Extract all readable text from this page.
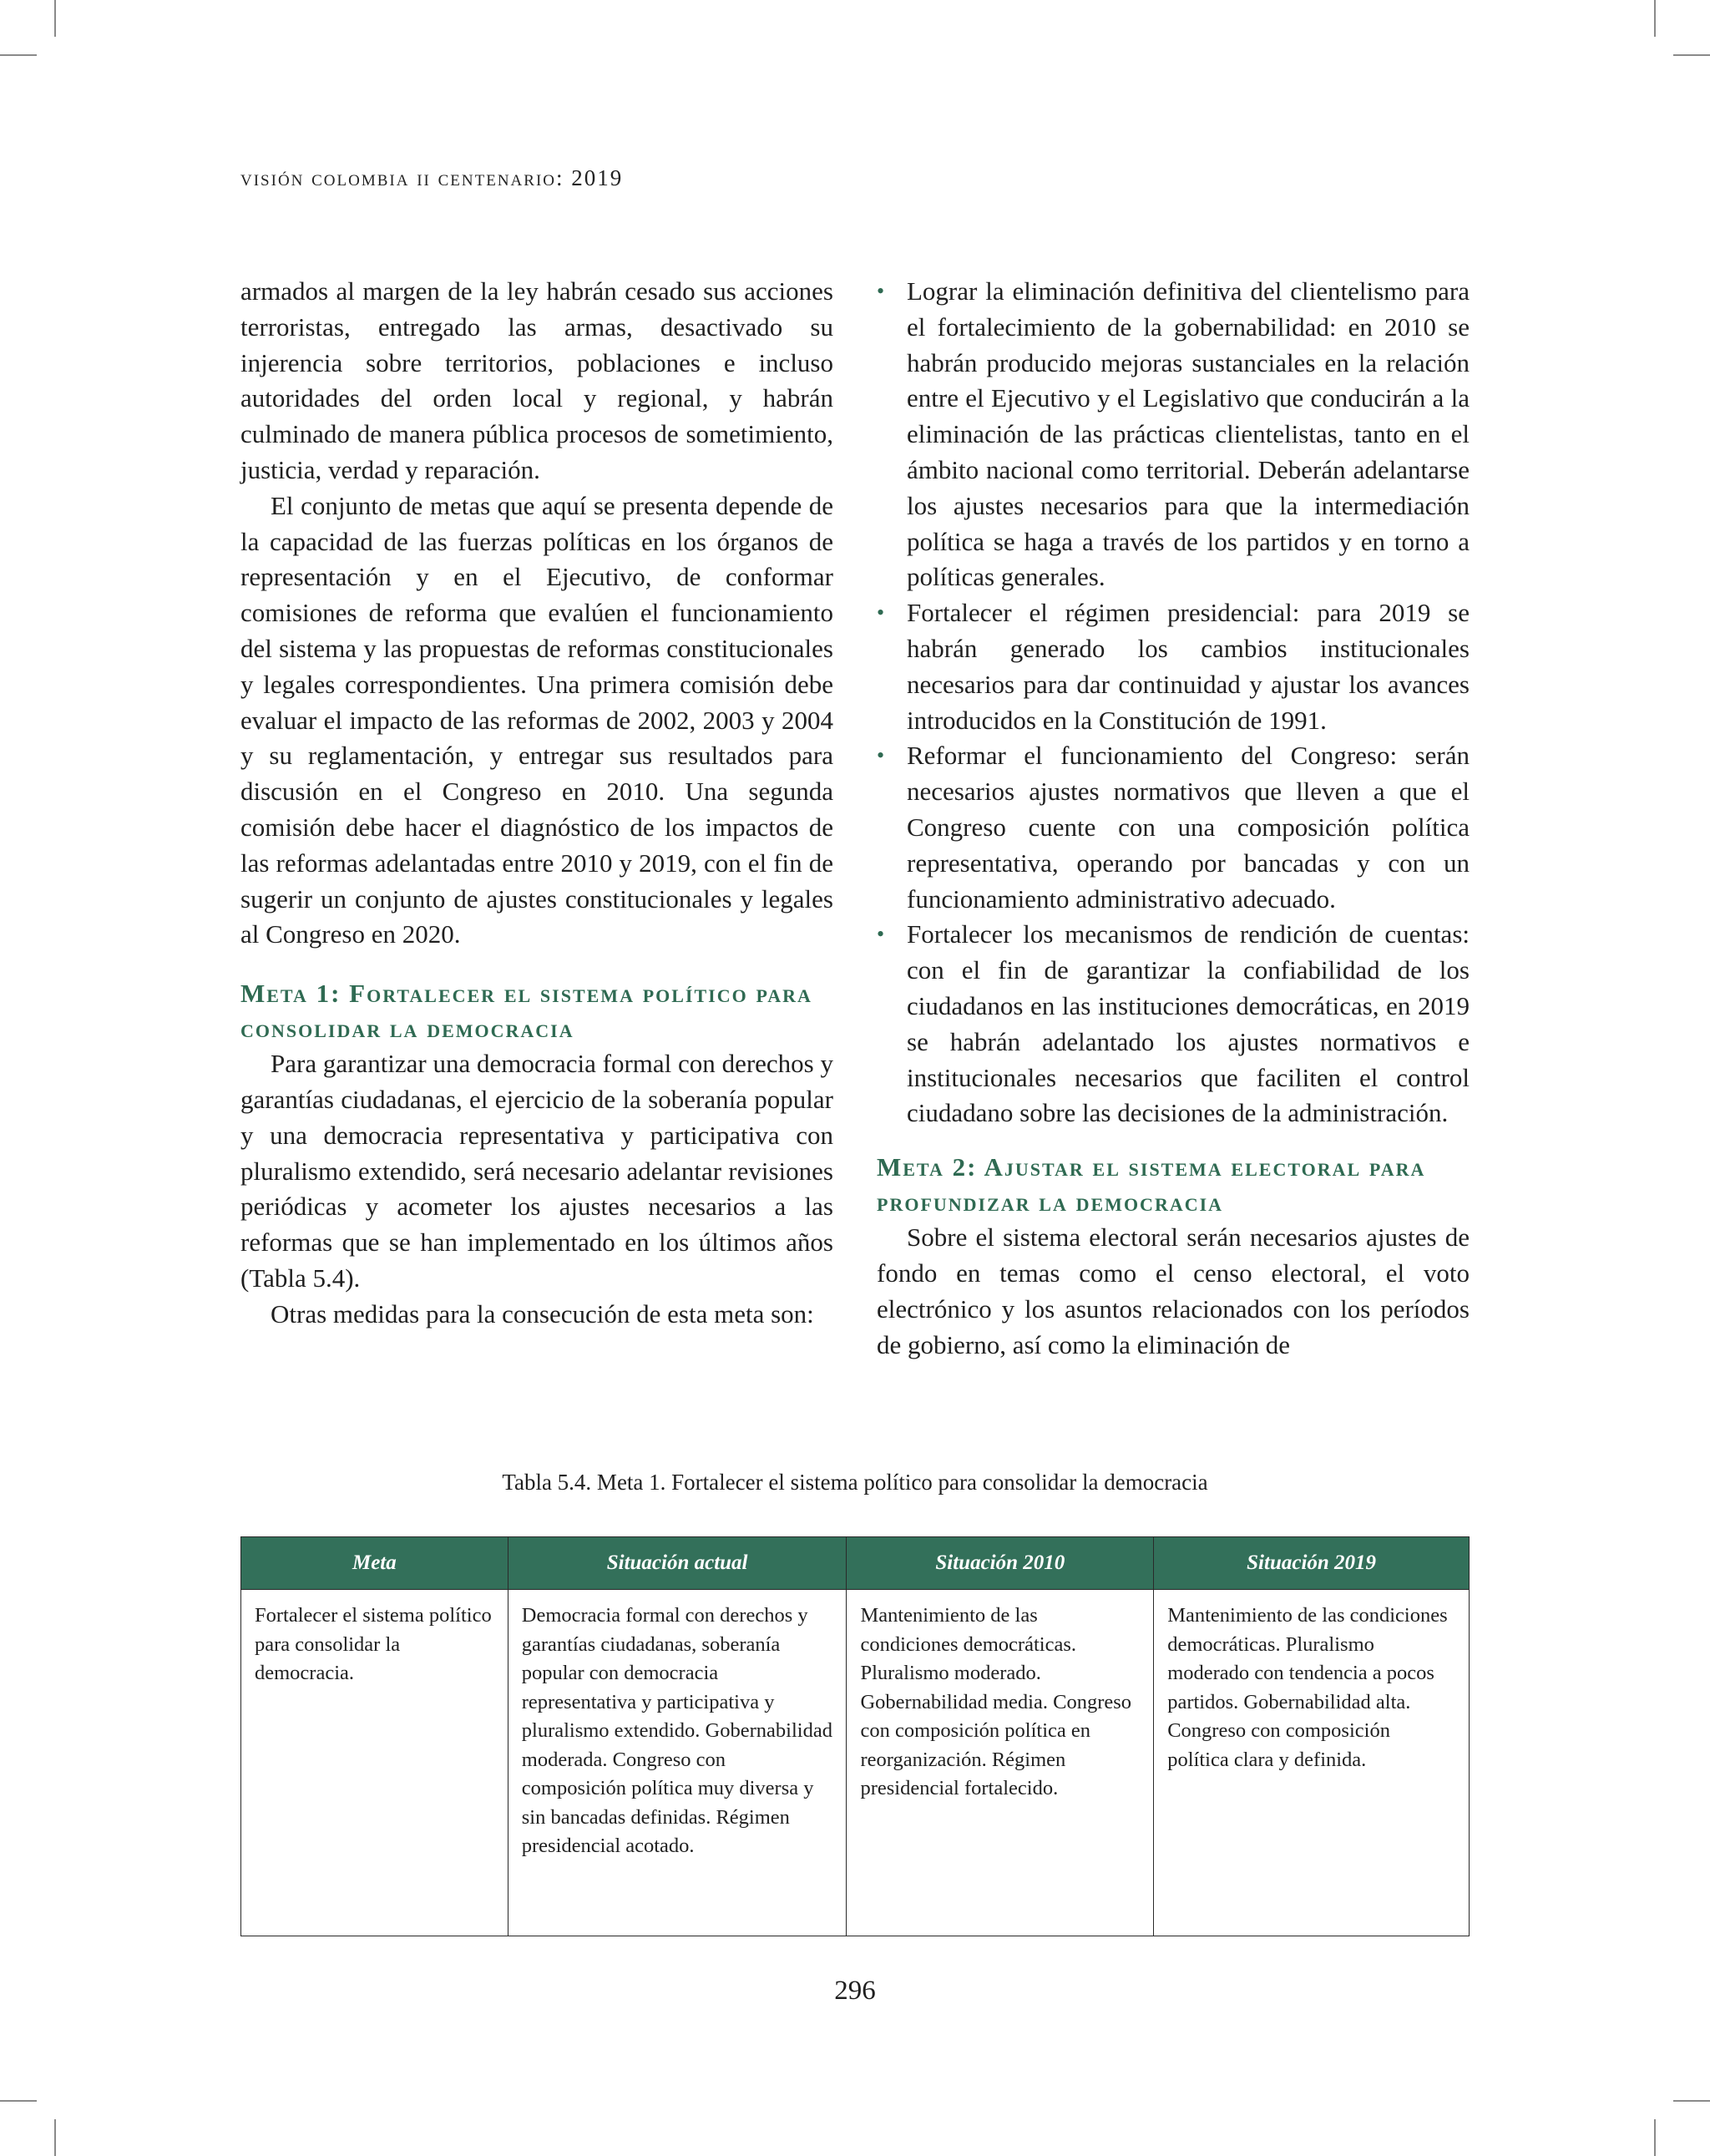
visión colombia ii centenario: 2019

armados al margen de la ley habrán cesado sus acciones terroristas, entregado las armas, desactivado su injerencia sobre territorios, poblaciones e incluso autoridades del orden local y regional, y habrán culminado de manera pública procesos de sometimiento, justicia, verdad y reparación.

El conjunto de metas que aquí se presenta depende de la capacidad de las fuerzas políticas en los órganos de representación y en el Ejecutivo, de conformar comisiones de reforma que evalúen el funcionamiento del sistema y las propuestas de reformas constitucionales y legales correspondientes. Una primera comisión debe evaluar el impacto de las reformas de 2002, 2003 y 2004 y su reglamentación, y entregar sus resultados para discusión en el Congreso en 2010. Una segunda comisión debe hacer el diagnóstico de los impactos de las reformas adelantadas entre 2010 y 2019, con el fin de sugerir un conjunto de ajustes constitucionales y legales al Congreso en 2020.

Meta 1: Fortalecer el sistema político para consolidar la democracia

Para garantizar una democracia formal con derechos y garantías ciudadanas, el ejercicio de la soberanía popular y una democracia representativa y participativa con pluralismo extendido, será necesario adelantar revisiones periódicas y acometer los ajustes necesarios a las reformas que se han implementado en los últimos años (Tabla 5.4).

Otras medidas para la consecución de esta meta son:

• Lograr la eliminación definitiva del clientelismo para el fortalecimiento de la gobernabilidad: en 2010 se habrán producido mejoras sustanciales en la relación entre el Ejecutivo y el Legislativo que conducirán a la eliminación de las prácticas clientelistas, tanto en el ámbito nacional como territorial. Deberán adelantarse los ajustes necesarios para que la intermediación política se haga a través de los partidos y en torno a políticas generales.
• Fortalecer el régimen presidencial: para 2019 se habrán generado los cambios institucionales necesarios para dar continuidad y ajustar los avances introducidos en la Constitución de 1991.
• Reformar el funcionamiento del Congreso: serán necesarios ajustes normativos que lleven a que el Congreso cuente con una composición política representativa, operando por bancadas y con un funcionamiento administrativo adecuado.
• Fortalecer los mecanismos de rendición de cuentas: con el fin de garantizar la confiabilidad de los ciudadanos en las instituciones democráticas, en 2019 se habrán adelantado los ajustes normativos e institucionales necesarios que faciliten el control ciudadano sobre las decisiones de la administración.
Meta 2: Ajustar el sistema electoral para profundizar la democracia

Sobre el sistema electoral serán necesarios ajustes de fondo en temas como el censo electoral, el voto electrónico y los asuntos relacionados con los períodos de gobierno, así como la eliminación de

Tabla 5.4. Meta 1. Fortalecer el sistema político para consolidar la democracia
Meta	Situación actual	Situación 2010	Situación 2019
Fortalecer el sistema político para consolidar la democracia.	Democracia formal con derechos y garantías ciudadanas, soberanía popular con democracia representativa y participativa y pluralismo extendido. Gobernabilidad moderada. Congreso con composición política muy diversa y sin bancadas definidas. Régimen presidencial acotado.	Mantenimiento de las condiciones democráticas. Pluralismo moderado. Gobernabilidad media. Congreso con composición política en reorganización. Régimen presidencial fortalecido.	Mantenimiento de las condiciones democráticas. Pluralismo moderado con tendencia a pocos partidos. Gobernabilidad alta. Congreso con composición política clara y definida.
296
